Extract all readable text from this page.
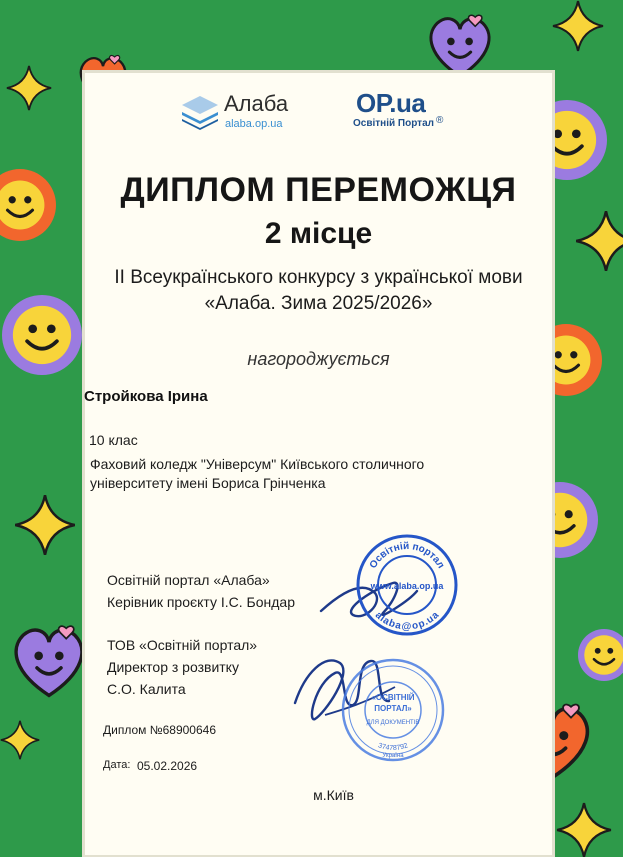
Алаба
alaba.op.ua
OP.ua
Освітній Портал ®
ДИПЛОМ ПЕРЕМОЖЦЯ
2 місце
II Всеукраїнського конкурсу з української мови
«Алаба. Зима 2025/2026»
нагороджується
Стройкова Ірина
10 клас
Фаховий коледж "Універсум" Київського столичного
університету імені Бориса Грінченка
Освітній портал «Алаба»
Керівник проєкту І.С. Бондар
ТОВ «Освітній портал»
Директор з розвитку
С.О. Калита
Освітній портал
www.alaba.op.ua
alaba@op.ua
«ОСВІТНІЙ
ПОРТАЛ»
ДЛЯ ДОКУМЕНТІВ
37478792
Україна
Диплом №68900646
Дата: 05.02.2026
м.Київ
